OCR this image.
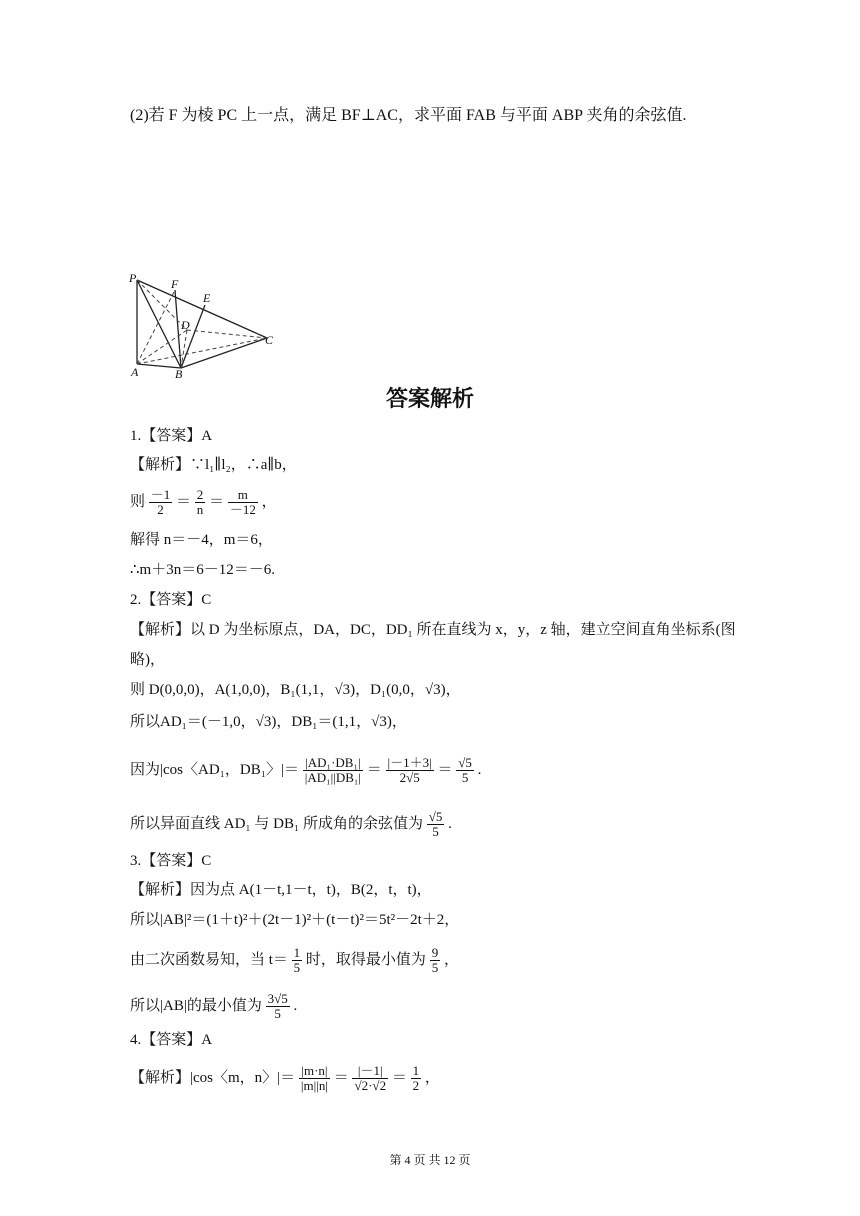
(2)若 F 为棱 PC 上一点，满足 BF⊥AC，求平面 FAB 与平面 ABP 夹角的余弦值.
P	F
E
D
C
A	B
答案解析
1.【答案】A
【解析】∵l₁∥l₂，∴a∥b，
则 $\frac{-1}{2} = \frac{2}{n} = \frac{m}{-12}$ ，
解得 n＝－4，m＝6，
∴m＋3n＝6－12＝－6.
2.【答案】C
【解析】以 D 为坐标原点，DA，DC，DD₁ 所在直线为 x，y，z 轴，建立空间直角坐标系(图
略)，
则 D(0,0,0)，A(1,0,0)，B₁(1,1，√3)，D₁(0,0，√3)，
所以AD₁＝(－1,0，√3)，DB₁＝(1,1，√3)，
因为|cos〈AD₁，DB₁〉|＝ $\frac{\text{|AD₁·DB₁|}}{\text{|AD₁||DB₁|}} = \frac{|-1+3|}{2√5} = \frac{√5}{5}$ .
所以异面直线 AD₁ 与 DB₁ 所成角的余弦值为 $\frac{√5}{5}$ .
3.【答案】C
【解析】因为点 A(1－t,1－t，t)，B(2，t，t)，
所以|AB|²＝(1＋t)²＋(2t－1)²＋(t－t)²＝5t²－2t＋2，
由二次函数易知，当 $t= \frac{1}{5}$ 时，取得最小值为 $\frac{9}{5}$ ，
所以|AB|的最小值为 $\frac{3√5}{5}$ .
4.【答案】A
【解析】|cos〈m，n〉|＝ $\frac{|m\cdot n|}{|m||n|} = \frac{|-1|}{√2\cdot√2} = \frac{1}{2}$ ，
第 4 页 共 12 页
